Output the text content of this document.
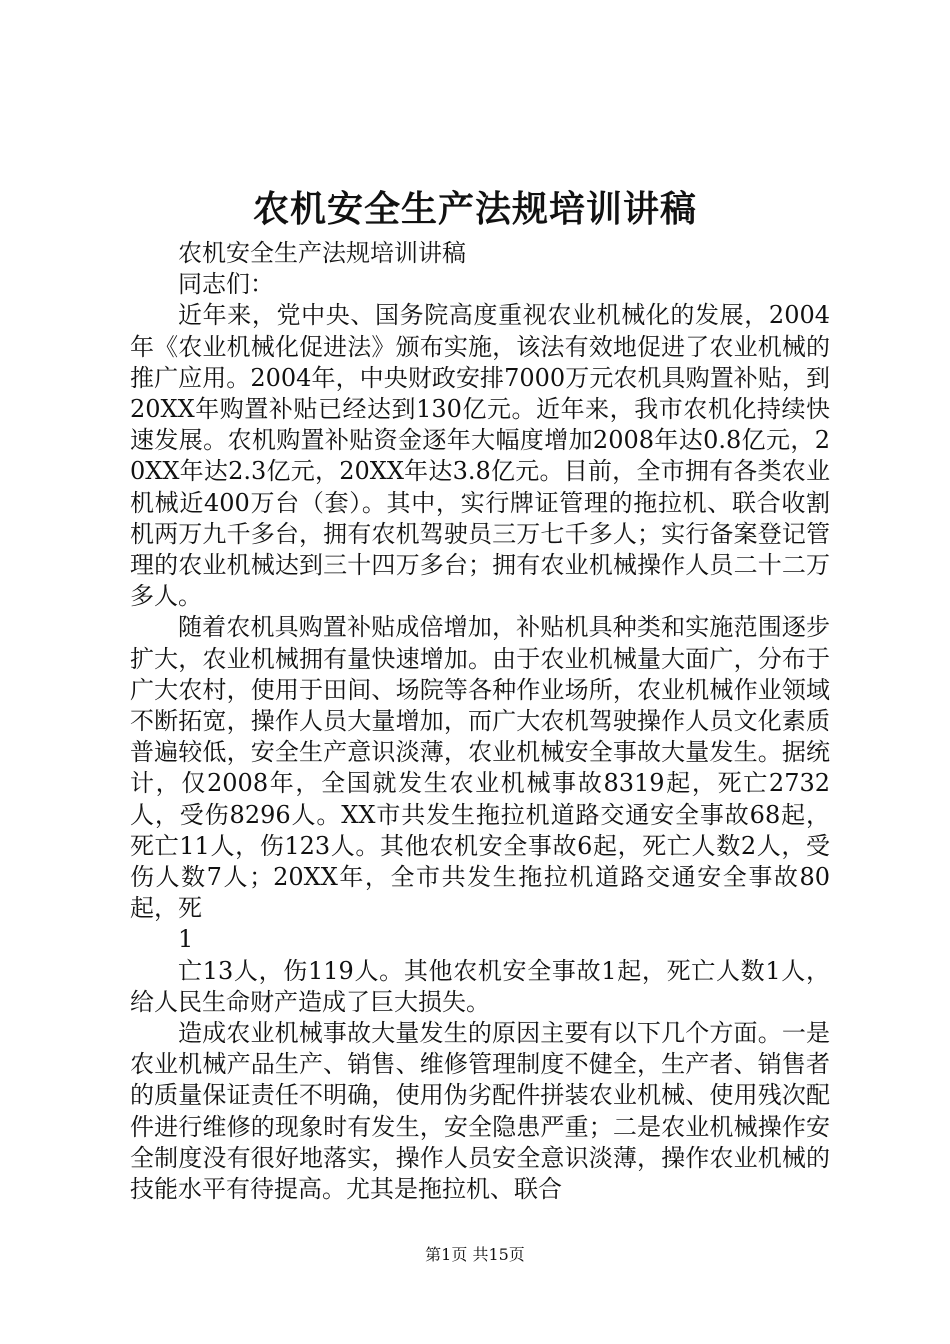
农机安全生产法规培训讲稿

农机安全生产法规培训讲稿

同志们：

近年来，党中央、国务院高度重视农业机械化的发展，2004年《农业机械化促进法》颁布实施，该法有效地促进了农业机械的推广应用。2004年，中央财政安排7000万元农机具购置补贴，到20XX年购置补贴已经达到130亿元。近年来，我市农机化持续快速发展。农机购置补贴资金逐年大幅度增加2008年达0.8亿元，20XX年达2.3亿元，20XX年达3.8亿元。目前，全市拥有各类农业机械近400万台（套）。其中，实行牌证管理的拖拉机、联合收割机两万九千多台，拥有农机驾驶员三万七千多人；实行备案登记管理的农业机械达到三十四万多台；拥有农业机械操作人员二十二万多人。

随着农机具购置补贴成倍增加，补贴机具种类和实施范围逐步扩大，农业机械拥有量快速增加。由于农业机械量大面广，分布于广大农村，使用于田间、场院等各种作业场所，农业机械作业领域不断拓宽，操作人员大量增加，而广大农机驾驶操作人员文化素质普遍较低，安全生产意识淡薄，农业机械安全事故大量发生。据统计，仅2008年，全国就发生农业机械事故8319起，死亡2732人，受伤8296人。XX市共发生拖拉机道路交通安全事故68起，死亡11人，伤123人。其他农机安全事故6起，死亡人数2人，受伤人数7人；20XX年，全市共发生拖拉机道路交通安全事故80起，死

1

亡13人，伤119人。其他农机安全事故1起，死亡人数1人，给人民生命财产造成了巨大损失。

造成农业机械事故大量发生的原因主要有以下几个方面。一是农业机械产品生产、销售、维修管理制度不健全，生产者、销售者的质量保证责任不明确，使用伪劣配件拼装农业机械、使用残次配件进行维修的现象时有发生，安全隐患严重；二是农业机械操作安全制度没有很好地落实，操作人员安全意识淡薄，操作农业机械的技能水平有待提高。尤其是拖拉机、联合

第1页 共15页
